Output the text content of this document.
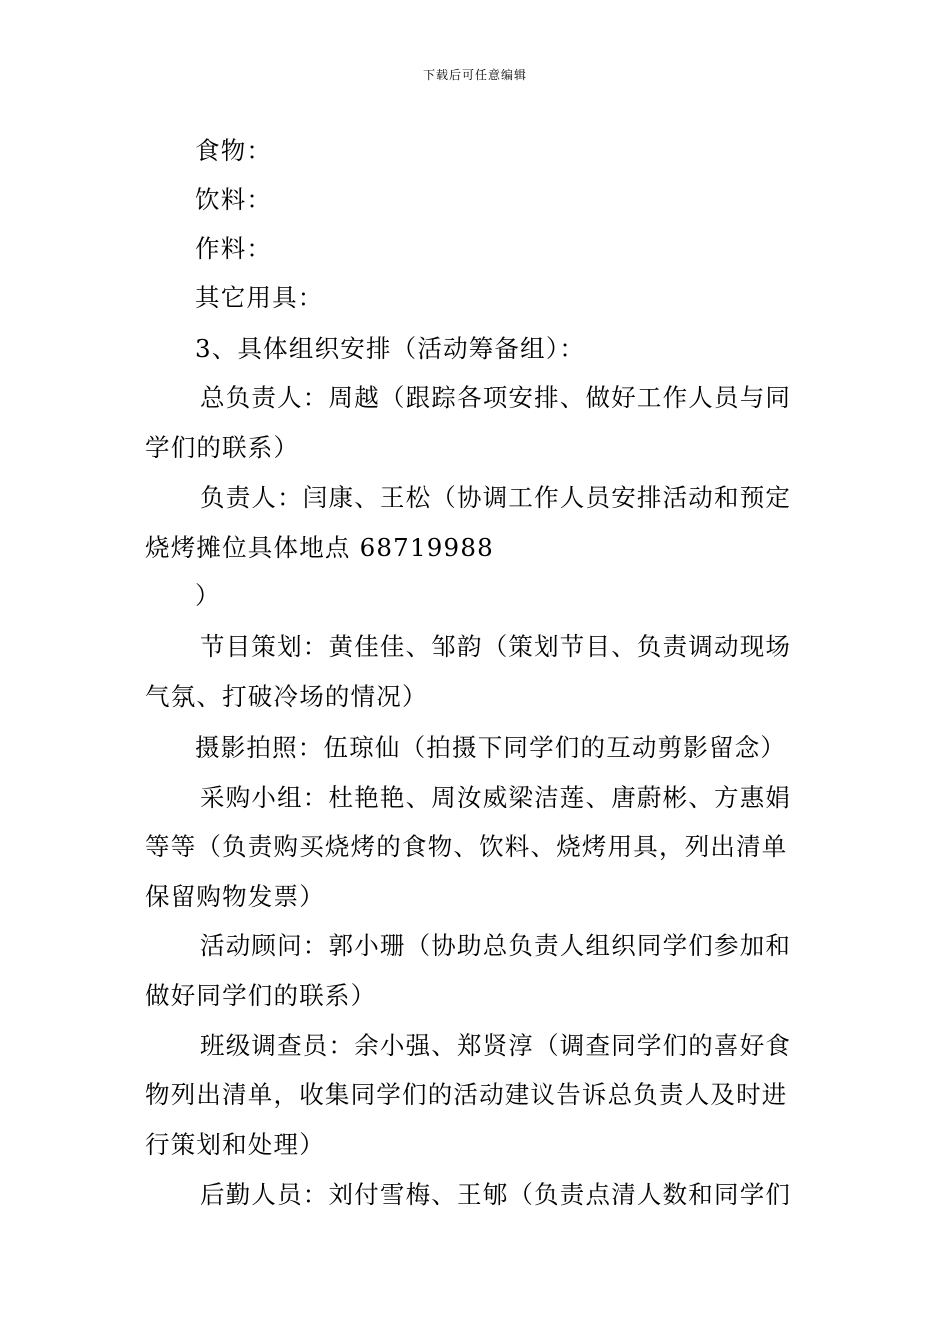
下载后可任意编辑
食物：
饮料：
作料：
其它用具：
3、具体组织安排（活动筹备组）：
总负责人：周越（跟踪各项安排、做好工作人员与同
学们的联系）
负责人：闫康、王松（协调工作人员安排活动和预定
烧烤摊位具体地点 68719988
）
节目策划：黄佳佳、邹韵（策划节目、负责调动现场
气氛、打破冷场的情况）
摄影拍照：伍琼仙（拍摄下同学们的互动剪影留念）
采购小组：杜艳艳、周汝威梁洁莲、唐蔚彬、方惠娟
等等（负责购买烧烤的食物、饮料、烧烤用具，列出清单
保留购物发票）
活动顾问：郭小珊（协助总负责人组织同学们参加和
做好同学们的联系）
班级调查员：余小强、郑贤淳（调查同学们的喜好食
物列出清单，收集同学们的活动建议告诉总负责人及时进
行策划和处理）
后勤人员：刘付雪梅、王郇（负责点清人数和同学们
